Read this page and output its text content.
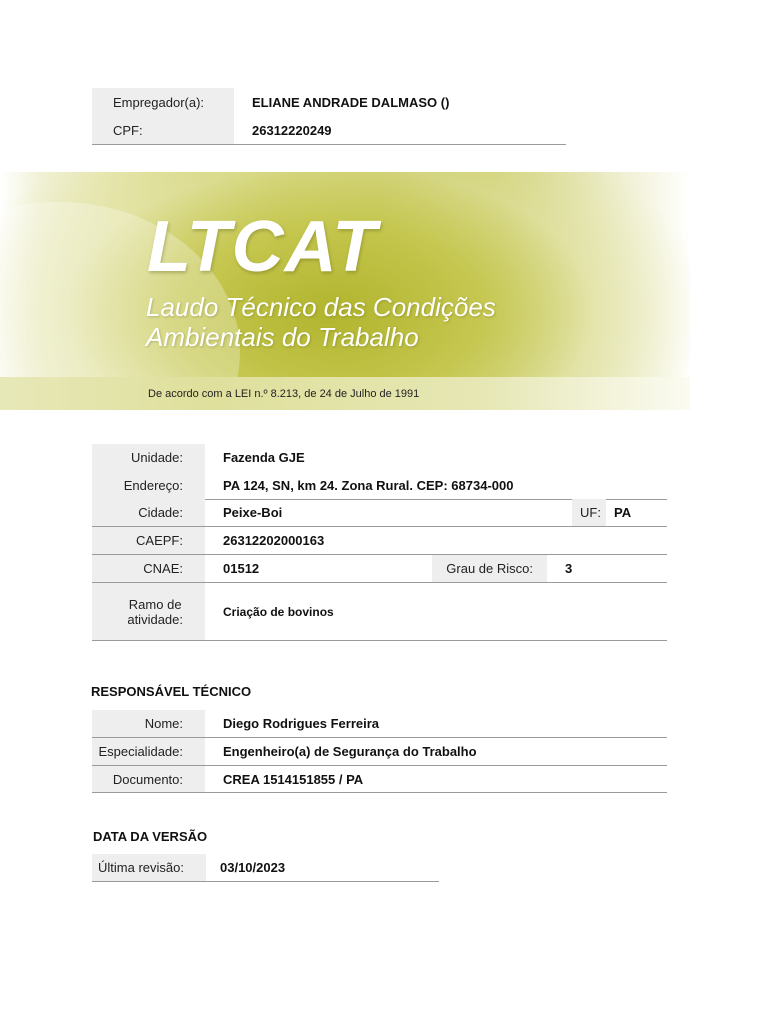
Empregador(a):	ELIANE ANDRADE DALMASO ()
CPF:	26312220249
LTCAT
Laudo Técnico das Condições
Ambientais do Trabalho
De acordo com a LEI n.º 8.213, de 24 de Julho de 1991
Unidade:	Fazenda GJE
Endereço:	PA 124, SN, km 24. Zona Rural. CEP: 68734-000
Cidade:	Peixe-Boi	UF:	PA
CAEPF:	26312202000163
CNAE:	01512	Grau de Risco:	3
Ramo de
atividade:	Criação de bovinos
RESPONSÁVEL TÉCNICO
Nome:	Diego Rodrigues Ferreira
Especialidade:	Engenheiro(a) de Segurança do Trabalho
Documento:	CREA 1514151855 / PA
DATA DA VERSÃO
Última revisão:	03/10/2023
